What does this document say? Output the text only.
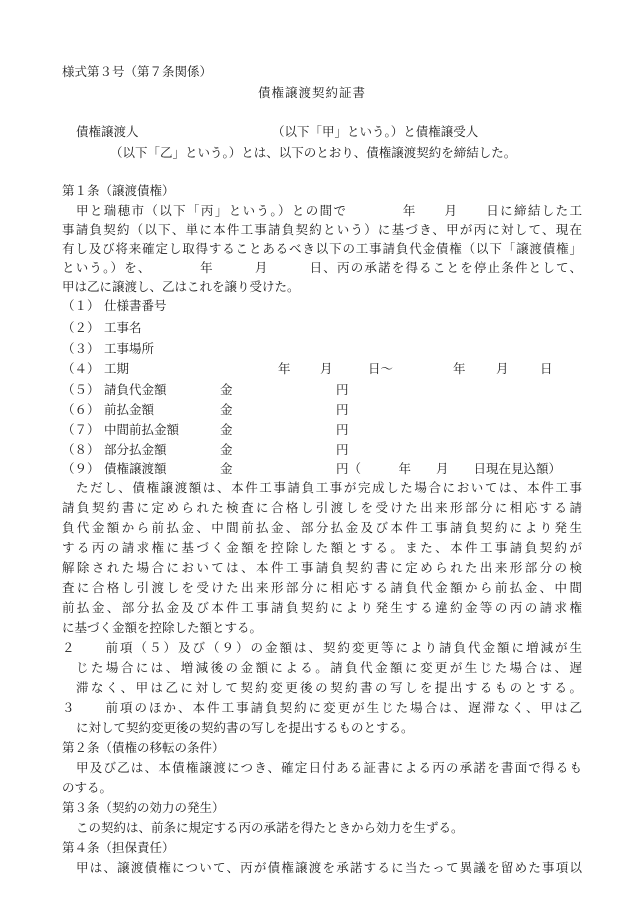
様式第３号（第７条関係）
債権譲渡契約証書
債権譲渡人	（以下「甲」という。）と債権譲受人
（以下「乙」という。）とは、以下のとおり、債権譲渡契約を締結した。
第１条（譲渡債権）
甲と瑞穂市（以下「丙」という。）との間で　　　　年　　月　　日に締結した工
事請負契約（以下、単に本件工事請負契約という）に基づき、甲が丙に対して、現在
有し及び将来確定し取得することあるべき以下の工事請負代金債権（以下「譲渡債権」
という。）を、　　　　年　　　月　　　日、丙の承諾を得ることを停止条件として、
甲は乙に譲渡し、乙はこれを譲り受けた。
（１） 仕様書番号
（２） 工事名
（３） 工事場所
（４） 工期	年 月	日～	年 月	日
（５） 請負代金額	金	円
（６） 前払金額	金	円
（７） 中間前払金額	金	円
（８） 部分払金額	金	円
（９） 債権譲渡額	金	円（　　　年　　月　　日現在見込額）
ただし、債権譲渡額は、本件工事請負工事が完成した場合においては、本件工事
請負契約書に定められた検査に合格し引渡しを受けた出来形部分に相応する請
負代金額から前払金、中間前払金、部分払金及び本件工事請負契約により発生
する丙の請求権に基づく金額を控除した額とする。また、本件工事請負契約が
解除された場合においては、本件工事請負契約書に定められた出来形部分の検
査に合格し引渡しを受けた出来形部分に相応する請負代金額から前払金、中間
前払金、部分払金及び本件工事請負契約により発生する違約金等の丙の請求権
に基づく金額を控除した額とする。
２　　前項（５）及び（９）の金額は、契約変更等により請負代金額に増減が生
じた場合には、増減後の金額による。請負代金額に変更が生じた場合は、遅
滞なく、甲は乙に対して契約変更後の契約書の写しを提出するものとする。
３　　前項のほか、本件工事請負契約に変更が生じた場合は、遅滞なく、甲は乙
に対して契約変更後の契約書の写しを提出するものとする。
第２条（債権の移転の条件）
甲及び乙は、本債権譲渡につき、確定日付ある証書による丙の承諾を書面で得るも
のする。
第３条（契約の効力の発生）
この契約は、前条に規定する丙の承諾を得たときから効力を生ずる。
第４条（担保責任）
甲は、譲渡債権について、丙が債権譲渡を承諾するに当たって異議を留めた事項以
